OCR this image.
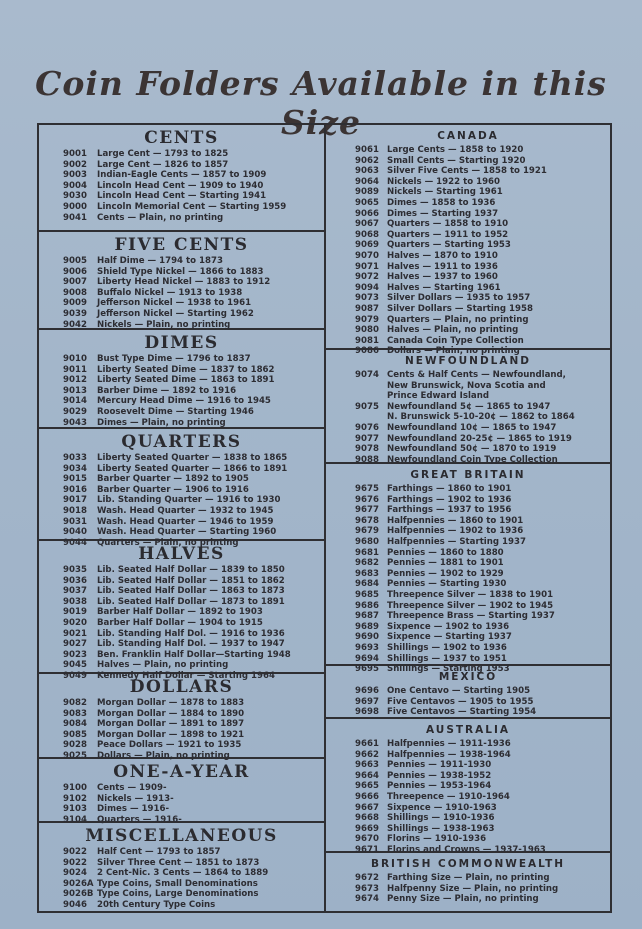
Coin Folders Available in this Size
CENTS
9001	Large Cent — 1793 to 1825
9002	Large Cent — 1826 to 1857
9003	Indian-Eagle Cents — 1857 to 1909
9004	Lincoln Head Cent — 1909 to 1940
9030	Lincoln Head Cent — Starting 1941
9000	Lincoln Memorial Cent — Starting 1959
9041	Cents — Plain, no printing
FIVE CENTS
9005	Half Dime — 1794 to 1873
9006	Shield Type Nickel — 1866 to 1883
9007	Liberty Head Nickel — 1883 to 1912
9008	Buffalo Nickel — 1913 to 1938
9009	Jefferson Nickel — 1938 to 1961
9039	Jefferson Nickel — Starting 1962
9042	Nickels — Plain, no printing
DIMES
9010	Bust Type Dime — 1796 to 1837
9011	Liberty Seated Dime — 1837 to 1862
9012	Liberty Seated Dime — 1863 to 1891
9013	Barber Dime — 1892 to 1916
9014	Mercury Head Dime — 1916 to 1945
9029	Roosevelt Dime — Starting 1946
9043	Dimes — Plain, no printing
QUARTERS
9033	Liberty Seated Quarter — 1838 to 1865
9034	Liberty Seated Quarter — 1866 to 1891
9015	Barber Quarter — 1892 to 1905
9016	Barber Quarter — 1906 to 1916
9017	Lib. Standing Quarter — 1916 to 1930
9018	Wash. Head Quarter — 1932 to 1945
9031	Wash. Head Quarter — 1946 to 1959
9040	Wash. Head Quarter — Starting 1960
9044	Quarters — Plain, no printing
HALVES
9035	Lib. Seated Half Dollar — 1839 to 1850
9036	Lib. Seated Half Dollar — 1851 to 1862
9037	Lib. Seated Half Dollar — 1863 to 1873
9038	Lib. Seated Half Dollar — 1873 to 1891
9019	Barber Half Dollar — 1892 to 1903
9020	Barber Half Dollar — 1904 to 1915
9021	Lib. Standing Half Dol. — 1916 to 1936
9027	Lib. Standing Half Dol. — 1937 to 1947
9023	Ben. Franklin Half Dollar—Starting 1948
9045	Halves — Plain, no printing
9049	Kennedy Half Dollar — Starting 1964
DOLLARS
9082	Morgan Dollar — 1878 to 1883
9083	Morgan Dollar — 1884 to 1890
9084	Morgan Dollar — 1891 to 1897
9085	Morgan Dollar — 1898 to 1921
9028	Peace Dollars — 1921 to 1935
9025	Dollars — Plain, no printing
ONE-A-YEAR
9100	Cents — 1909-
9102	Nickels — 1913-
9103	Dimes — 1916-
9104	Quarters — 1916-
MISCELLANEOUS
9022	Half Cent — 1793 to 1857
9022	Silver Three Cent — 1851 to 1873
9024	2 Cent-Nic. 3 Cents — 1864 to 1889
9026A Type Coins, Small Denominations
9026B Type Coins, Large Denominations
9046	20th Century Type Coins
CANADA
9061 Large Cents — 1858 to 1920
9062 Small Cents — Starting 1920
9063 Silver Five Cents — 1858 to 1921
9064 Nickels — 1922 to 1960
9089 Nickels — Starting 1961
9065 Dimes — 1858 to 1936
9066 Dimes — Starting 1937
9067 Quarters — 1858 to 1910
9068 Quarters — 1911 to 1952
9069 Quarters — Starting 1953
9070 Halves — 1870 to 1910
9071 Halves — 1911 to 1936
9072 Halves — 1937 to 1960
9094 Halves — Starting 1961
9073 Silver Dollars — 1935 to 1957
9087 Silver Dollars — Starting 1958
9079 Quarters — Plain, no printing
9080 Halves — Plain, no printing
9081 Canada Coin Type Collection
9086 Dollars — Plain, no printing
NEWFOUNDLAND
9074 Cents & Half Cents — Newfoundland,
New Brunswick, Nova Scotia and
Prince Edward Island
9075 Newfoundland 5¢ — 1865 to 1947
N. Brunswick 5-10-20¢ — 1862 to 1864
9076 Newfoundland 10¢ — 1865 to 1947
9077 Newfoundland 20-25¢ — 1865 to 1919
9078 Newfoundland 50¢ — 1870 to 1919
9088 Newfoundland Coin Type Collection
GREAT BRITAIN
9675 Farthings — 1860 to 1901
9676 Farthings — 1902 to 1936
9677 Farthings — 1937 to 1956
9678 Halfpennies — 1860 to 1901
9679 Halfpennies — 1902 to 1936
9680 Halfpennies — Starting 1937
9681 Pennies — 1860 to 1880
9682 Pennies — 1881 to 1901
9683 Pennies — 1902 to 1929
9684 Pennies — Starting 1930
9685 Threepence Silver — 1838 to 1901
9686 Threepence Silver — 1902 to 1945
9687 Threepence Brass — Starting 1937
9689 Sixpence — 1902 to 1936
9690 Sixpence — Starting 1937
9693 Shillings — 1902 to 1936
9694 Shillings — 1937 to 1951
9695 Shillings — Starting 1953
MEXICO
9696 One Centavo — Starting 1905
9697 Five Centavos — 1905 to 1955
9698 Five Centavos — Starting 1954
AUSTRALIA
9661 Halfpennies — 1911-1936
9662 Halfpennies — 1938-1964
9663 Pennies — 1911-1930
9664 Pennies — 1938-1952
9665 Pennies — 1953-1964
9666 Threepence — 1910-1964
9667 Sixpence — 1910-1963
9668 Shillings — 1910-1936
9669 Shillings — 1938-1963
9670 Florins — 1910-1936
9671 Florins and Crowns — 1937-1963
BRITISH COMMONWEALTH
9672 Farthing Size — Plain, no printing
9673 Halfpenny Size — Plain, no printing
9674 Penny Size — Plain, no printing
